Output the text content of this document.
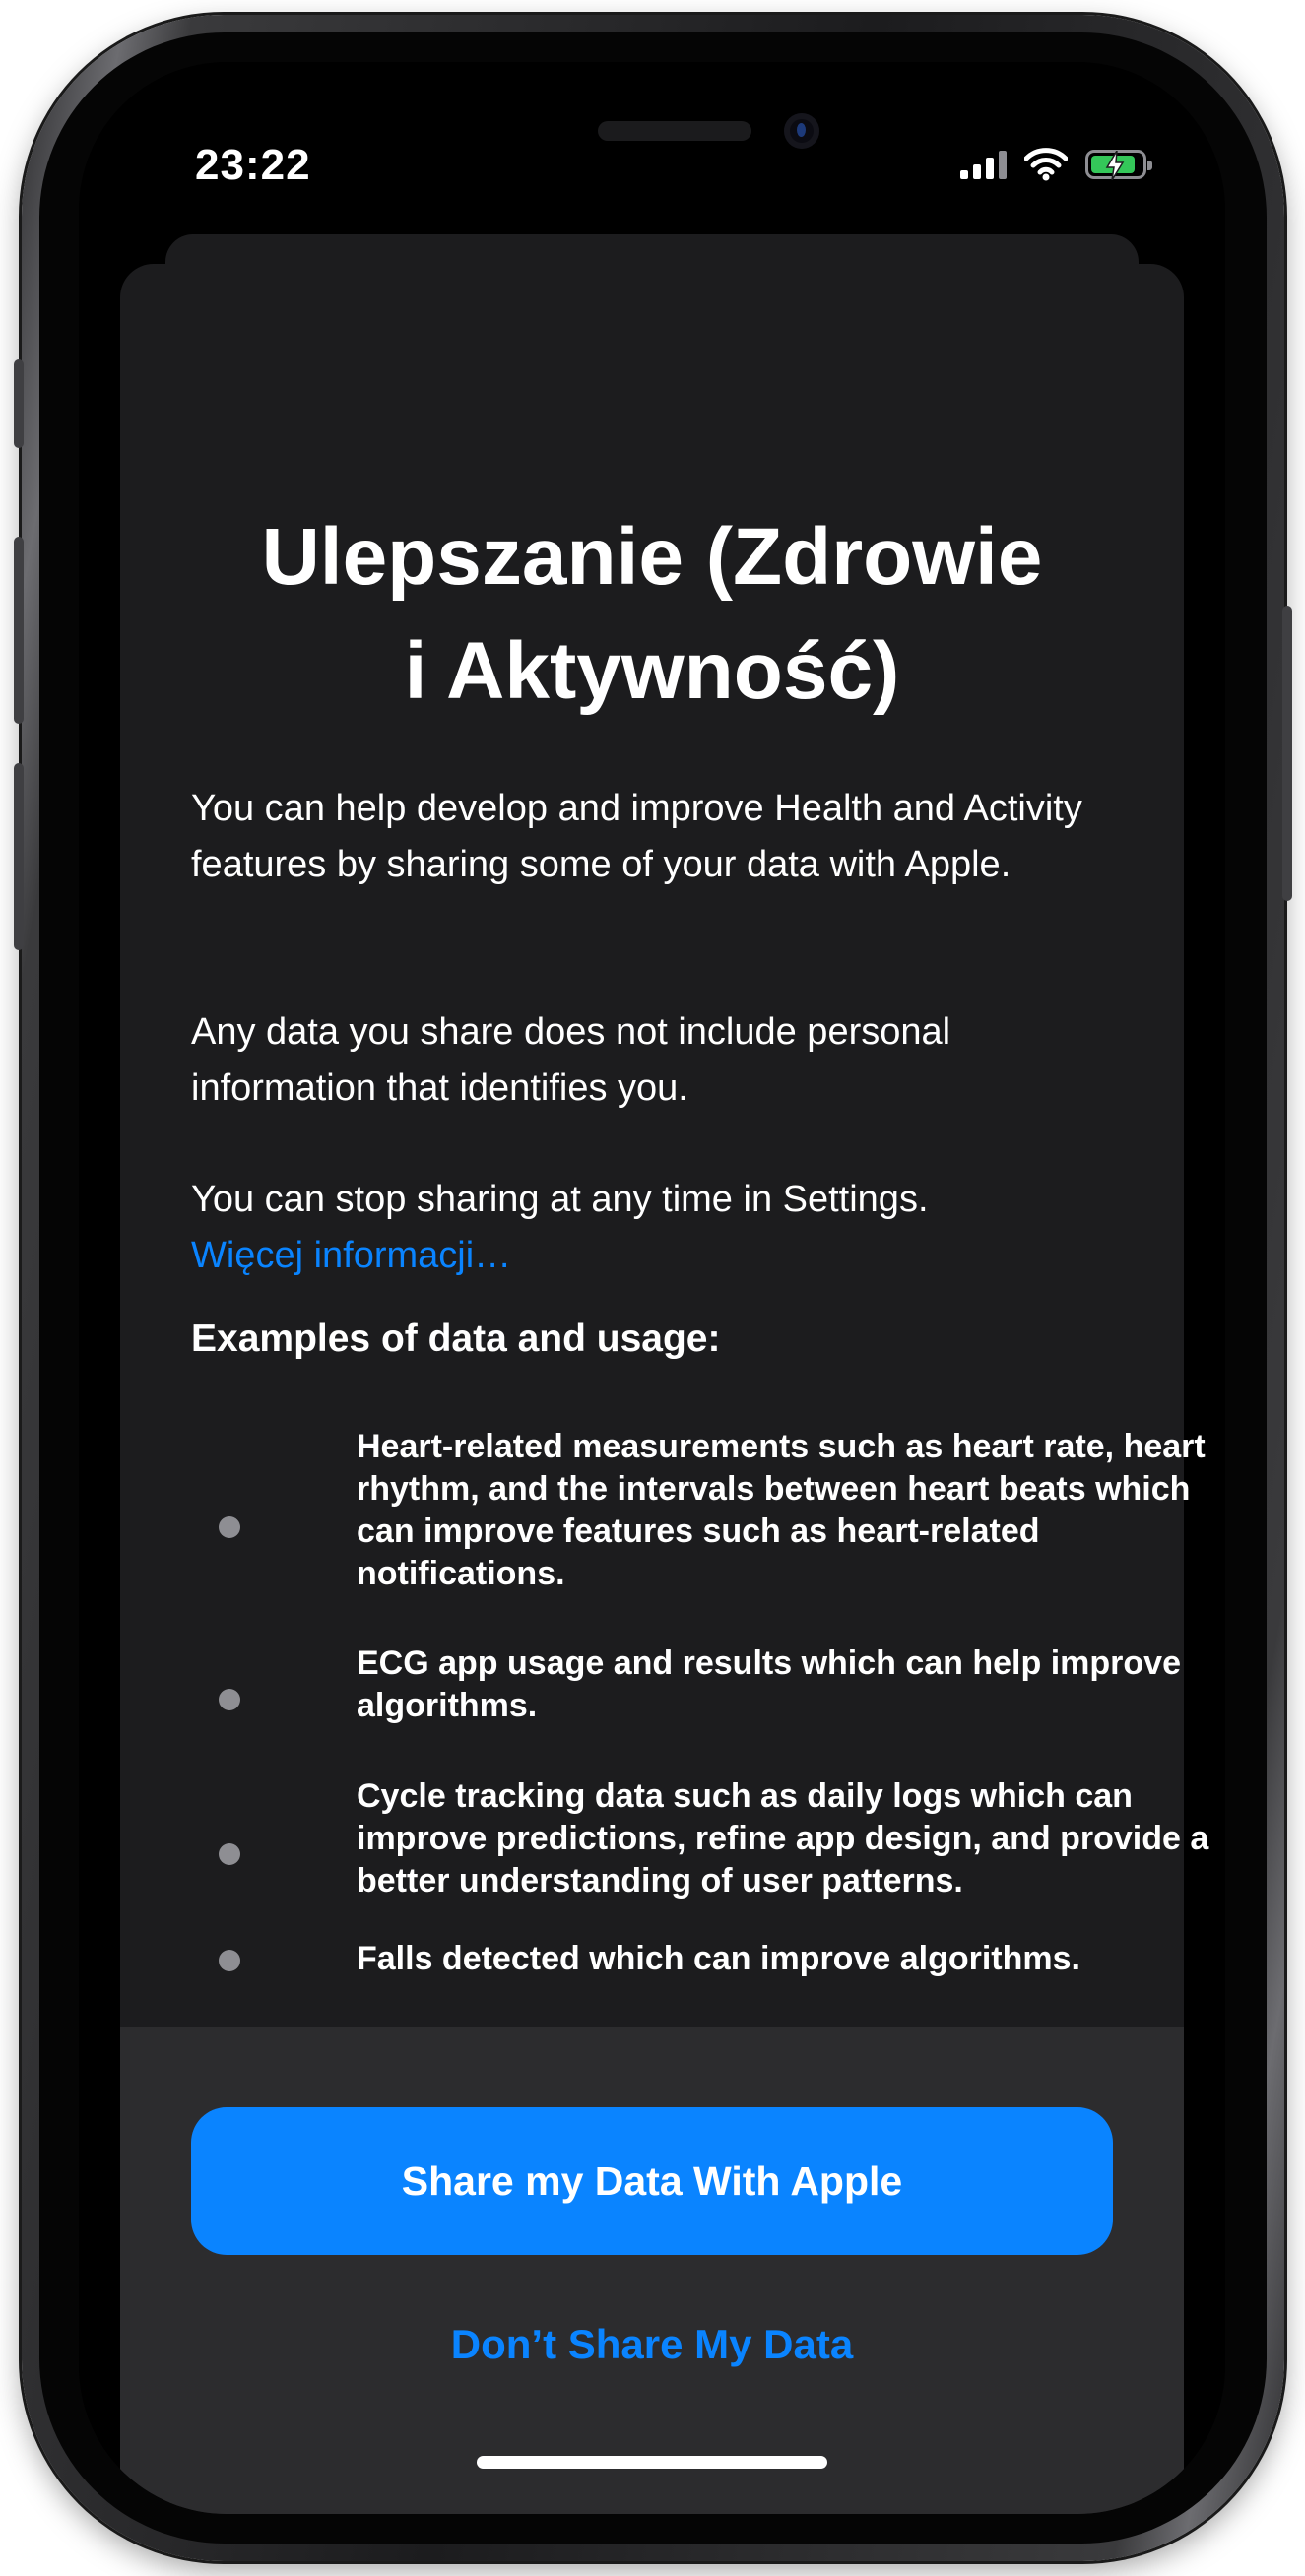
23:22
Ulepszanie (Zdrowie
i Aktywność)

You can help develop and improve Health and Activity features by sharing some of your data with Apple.

Any data you share does not include personal information that identifies you.

You can stop sharing at any time in Settings.
Więcej informacji…

Examples of data and usage:

Heart-related measurements such as heart rate, heart rhythm, and the intervals between heart beats which can improve features such as heart-related notifications.

ECG app usage and results which can help improve algorithms.

Cycle tracking data such as daily logs which can improve predictions, refine app design, and provide a better understanding of user patterns.

Falls detected which can improve algorithms.

Share my Data With Apple
Don’t Share My Data
